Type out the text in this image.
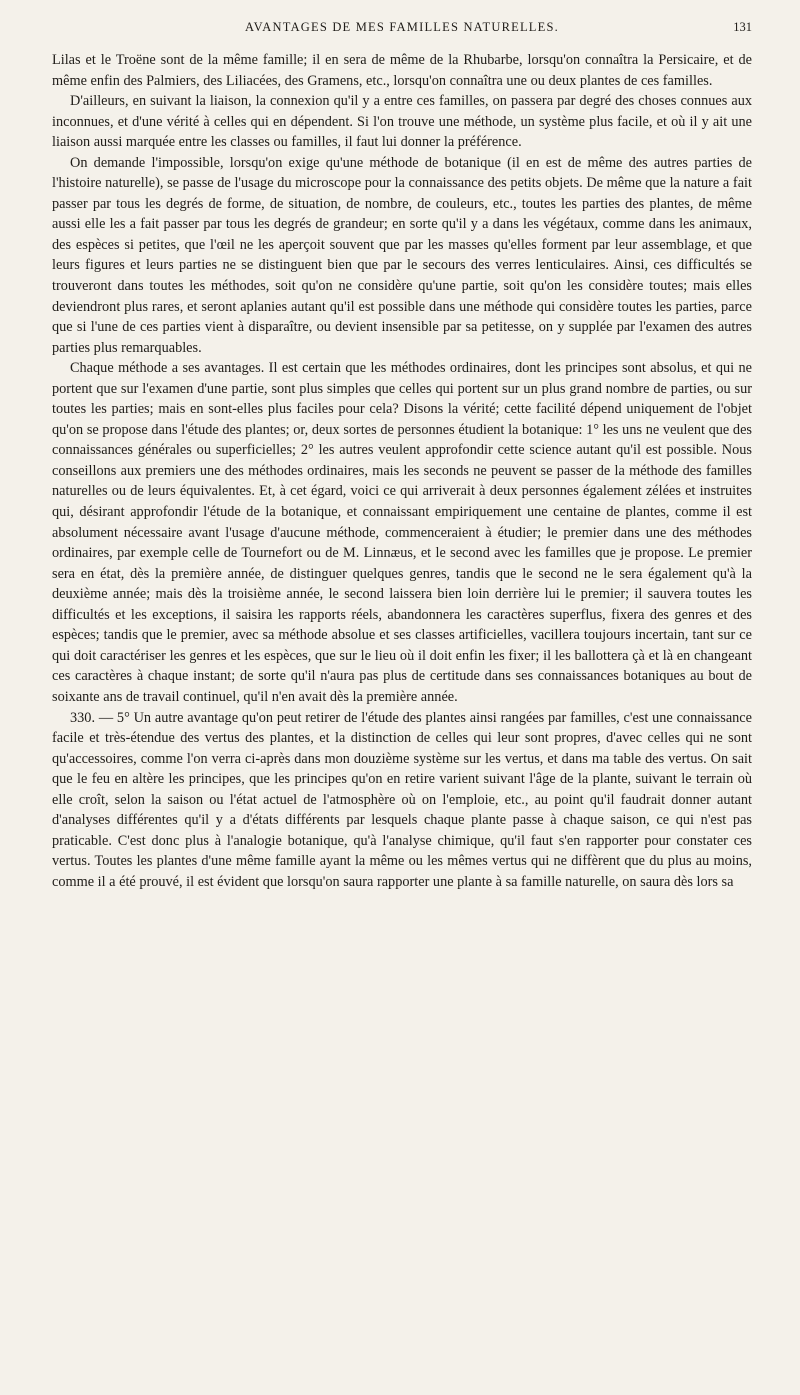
AVANTAGES DE MES FAMILLES NATURELLES.	131

Lilas et le Troëne sont de la même famille; il en sera de même de la Rhubarbe, lorsqu'on connaîtra la Persicaire, et de même enfin des Palmiers, des Liliacées, des Gramens, etc., lorsqu'on connaîtra une ou deux plantes de ces familles.

D'ailleurs, en suivant la liaison, la connexion qu'il y a entre ces familles, on passera par degré des choses connues aux inconnues, et d'une vérité à celles qui en dépendent. Si l'on trouve une méthode, un système plus facile, et où il y ait une liaison aussi marquée entre les classes ou familles, il faut lui donner la préférence.

On demande l'impossible, lorsqu'on exige qu'une méthode de botanique (il en est de même des autres parties de l'histoire naturelle), se passe de l'usage du microscope pour la connaissance des petits objets. De même que la nature a fait passer par tous les degrés de forme, de situation, de nombre, de couleurs, etc., toutes les parties des plantes, de même aussi elle les a fait passer par tous les degrés de grandeur; en sorte qu'il y a dans les végétaux, comme dans les animaux, des espèces si petites, que l'œil ne les aperçoit souvent que par les masses qu'elles forment par leur assemblage, et que leurs figures et leurs parties ne se distinguent bien que par le secours des verres lenticulaires. Ainsi, ces difficultés se trouveront dans toutes les méthodes, soit qu'on ne considère qu'une partie, soit qu'on les considère toutes; mais elles deviendront plus rares, et seront aplanies autant qu'il est possible dans une méthode qui considère toutes les parties, parce que si l'une de ces parties vient à disparaître, ou devient insensible par sa petitesse, on y supplée par l'examen des autres parties plus remarquables.

Chaque méthode a ses avantages. Il est certain que les méthodes ordinaires, dont les principes sont absolus, et qui ne portent que sur l'examen d'une partie, sont plus simples que celles qui portent sur un plus grand nombre de parties, ou sur toutes les parties; mais en sont-elles plus faciles pour cela? Disons la vérité; cette facilité dépend uniquement de l'objet qu'on se propose dans l'étude des plantes; or, deux sortes de personnes étudient la botanique: 1° les uns ne veulent que des connaissances générales ou superficielles; 2° les autres veulent approfondir cette science autant qu'il est possible. Nous conseillons aux premiers une des méthodes ordinaires, mais les seconds ne peuvent se passer de la méthode des familles naturelles ou de leurs équivalentes. Et, à cet égard, voici ce qui arriverait à deux personnes également zélées et instruites qui, désirant approfondir l'étude de la botanique, et connaissant empiriquement une centaine de plantes, comme il est absolument nécessaire avant l'usage d'aucune méthode, commenceraient à étudier; le premier dans une des méthodes ordinaires, par exemple celle de Tournefort ou de M. Linnæus, et le second avec les familles que je propose. Le premier sera en état, dès la première année, de distinguer quelques genres, tandis que le second ne le sera également qu'à la deuxième année; mais dès la troisième année, le second laissera bien loin derrière lui le premier; il sauvera toutes les difficultés et les exceptions, il saisira les rapports réels, abandonnera les caractères superflus, fixera des genres et des espèces; tandis que le premier, avec sa méthode absolue et ses classes artificielles, vacillera toujours incertain, tant sur ce qui doit caractériser les genres et les espèces, que sur le lieu où il doit enfin les fixer; il les ballottera çà et là en changeant ces caractères à chaque instant; de sorte qu'il n'aura pas plus de certitude dans ses connaissances botaniques au bout de soixante ans de travail continuel, qu'il n'en avait dès la première année.

330. — 5° Un autre avantage qu'on peut retirer de l'étude des plantes ainsi rangées par familles, c'est une connaissance facile et très-étendue des vertus des plantes, et la distinction de celles qui leur sont propres, d'avec celles qui ne sont qu'accessoires, comme l'on verra ci-après dans mon douzième système sur les vertus, et dans ma table des vertus. On sait que le feu en altère les principes, que les principes qu'on en retire varient suivant l'âge de la plante, suivant le terrain où elle croît, selon la saison ou l'état actuel de l'atmosphère où on l'emploie, etc., au point qu'il faudrait donner autant d'analyses différentes qu'il y a d'états différents par lesquels chaque plante passe à chaque saison, ce qui n'est pas praticable. C'est donc plus à l'analogie botanique, qu'à l'analyse chimique, qu'il faut s'en rapporter pour constater ces vertus. Toutes les plantes d'une même famille ayant la même ou les mêmes vertus qui ne diffèrent que du plus au moins, comme il a été prouvé, il est évident que lorsqu'on saura rapporter une plante à sa famille naturelle, on saura dès lors sa
